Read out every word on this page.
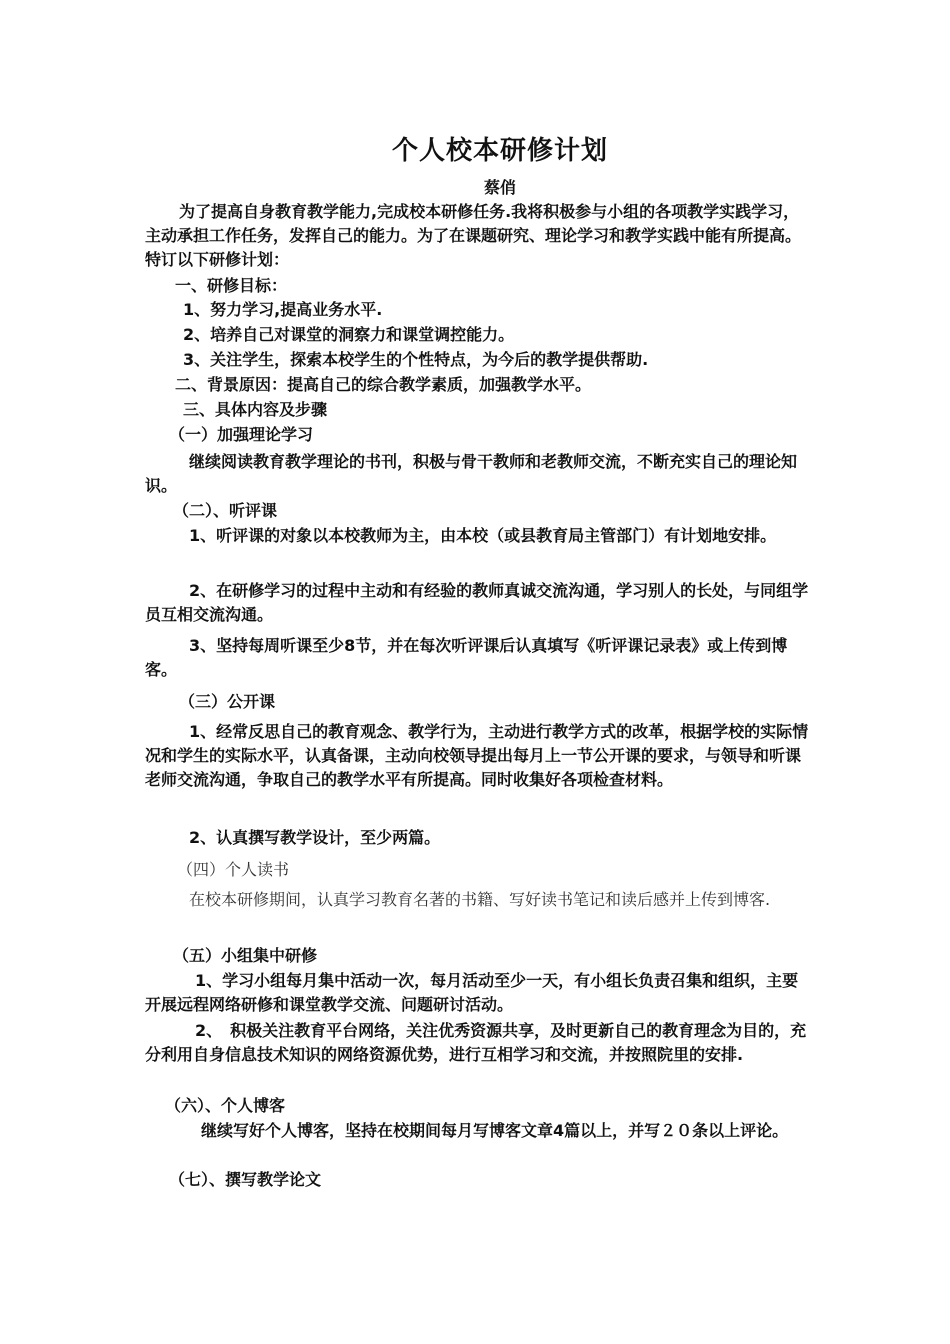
个人校本研修计划
蔡俏

为了提高自身教育教学能力,完成校本研修任务.我将积极参与小组的各项教学实践学习，主动承担工作任务，发挥自己的能力。为了在课题研究、理论学习和教学实践中能有所提高。特订以下研修计划：

一、研修目标：

1、努力学习,提高业务水平.

2、培养自己对课堂的洞察力和课堂调控能力。

3、关注学生，探索本校学生的个性特点，为今后的教学提供帮助.

二、背景原因：提高自己的综合教学素质，加强教学水平。

三、具体内容及步骤

（一）加强理论学习

继续阅读教育教学理论的书刊，积极与骨干教师和老教师交流，不断充实自己的理论知识。

（二）、听评课

1、听评课的对象以本校教师为主，由本校（或县教育局主管部门）有计划地安排。

2、在研修学习的过程中主动和有经验的教师真诚交流沟通，学习别人的长处，与同组学员互相交流沟通。

3、坚持每周听课至少8节，并在每次听评课后认真填写《听评课记录表》或上传到博客。

（三）公开课

1、经常反思自己的教育观念、教学行为，主动进行教学方式的改革，根据学校的实际情况和学生的实际水平，认真备课，主动向校领导提出每月上一节公开课的要求，与领导和听课老师交流沟通，争取自己的教学水平有所提高。同时收集好各项检查材料。

2、认真撰写教学设计，至少两篇。

（四）个人读书

在校本研修期间，认真学习教育名著的书籍、写好读书笔记和读后感并上传到博客.

（五）小组集中研修

1、学习小组每月集中活动一次，每月活动至少一天，有小组长负责召集和组织，主要开展远程网络研修和课堂教学交流、问题研讨活动。

2、　积极关注教育平台网络，关注优秀资源共享，及时更新自己的教育理念为目的，充分利用自身信息技术知识的网络资源优势，进行互相学习和交流，并按照院里的安排.

（六）、个人博客

继续写好个人博客，坚持在校期间每月写博客文章4篇以上，并写２０条以上评论。

（七）、撰写教学论文
